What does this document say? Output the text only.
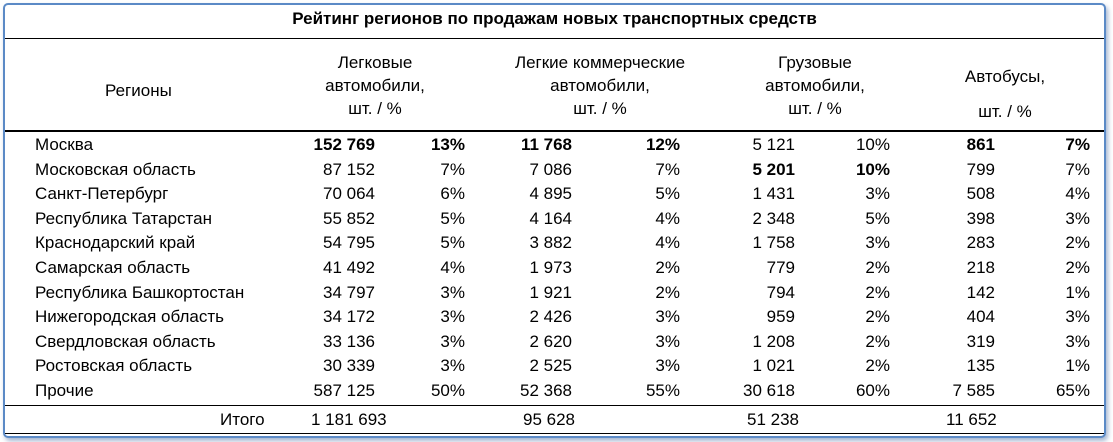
Рейтинг регионов по продажам новых транспортных средств
Регионы
Легковые
автомобили,
шт. / %
Легкие коммерческие
автомобили,
шт. / %
Грузовые
автомобили,
шт. / %
Автобусы,
шт. / %
Москва	152 769	13%	11 768	12%	5 121	10%	861	7%
Московская область	87 152	7%	7 086	7%	5 201	10%	799	7%
Санкт-Петербург	70 064	6%	4 895	5%	1 431	3%	508	4%
Республика Татарстан	55 852	5%	4 164	4%	2 348	5%	398	3%
Краснодарский край	54 795	5%	3 882	4%	1 758	3%	283	2%
Самарская область	41 492	4%	1 973	2%	779	2%	218	2%
Республика Башкортостан	34 797	3%	1 921	2%	794	2%	142	1%
Нижегородская область	34 172	3%	2 426	3%	959	2%	404	3%
Свердловская область	33 136	3%	2 620	3%	1 208	2%	319	3%
Ростовская область	30 339	3%	2 525	3%	1 021	2%	135	1%
Прочие	587 125	50%	52 368	55%	30 618	60%	7 585	65%
Итого	1 181 693	95 628	51 238	11 652
